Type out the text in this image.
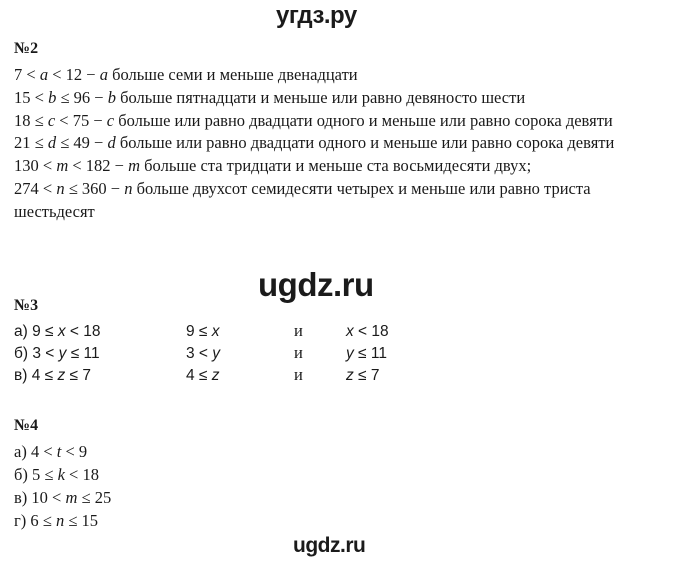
угдз.ру
ugdz.ru
ugdz.ru
№2

7 < a < 12 − a больше семи и меньше двенадцати

15 < b ≤ 96 − b больше пятнадцати и меньше или равно девяносто шести

18 ≤ c < 75 − c больше или равно двадцати одного и меньше или равно сорока девяти

21 ≤ d ≤ 49 − d больше или равно двадцати одного и меньше или равно сорока девяти

130 < m < 182 − m больше ста тридцати и меньше ста восьмидесяти двух;

274 < n ≤ 360 − n больше двухсот семидесяти четырех и меньше или равно триста шестьдесят

№3
а) 9 ≤ x < 18	9 ≤ x	и	x < 18
б) 3 < y ≤ 11	3 < y	и	y ≤ 11
в) 4 ≤ z ≤ 7	4 ≤ z	и	z ≤ 7
№4

а) 4 < t < 9

б) 5 ≤ k < 18

в) 10 < m ≤ 25

г) 6 ≤ n ≤ 15
